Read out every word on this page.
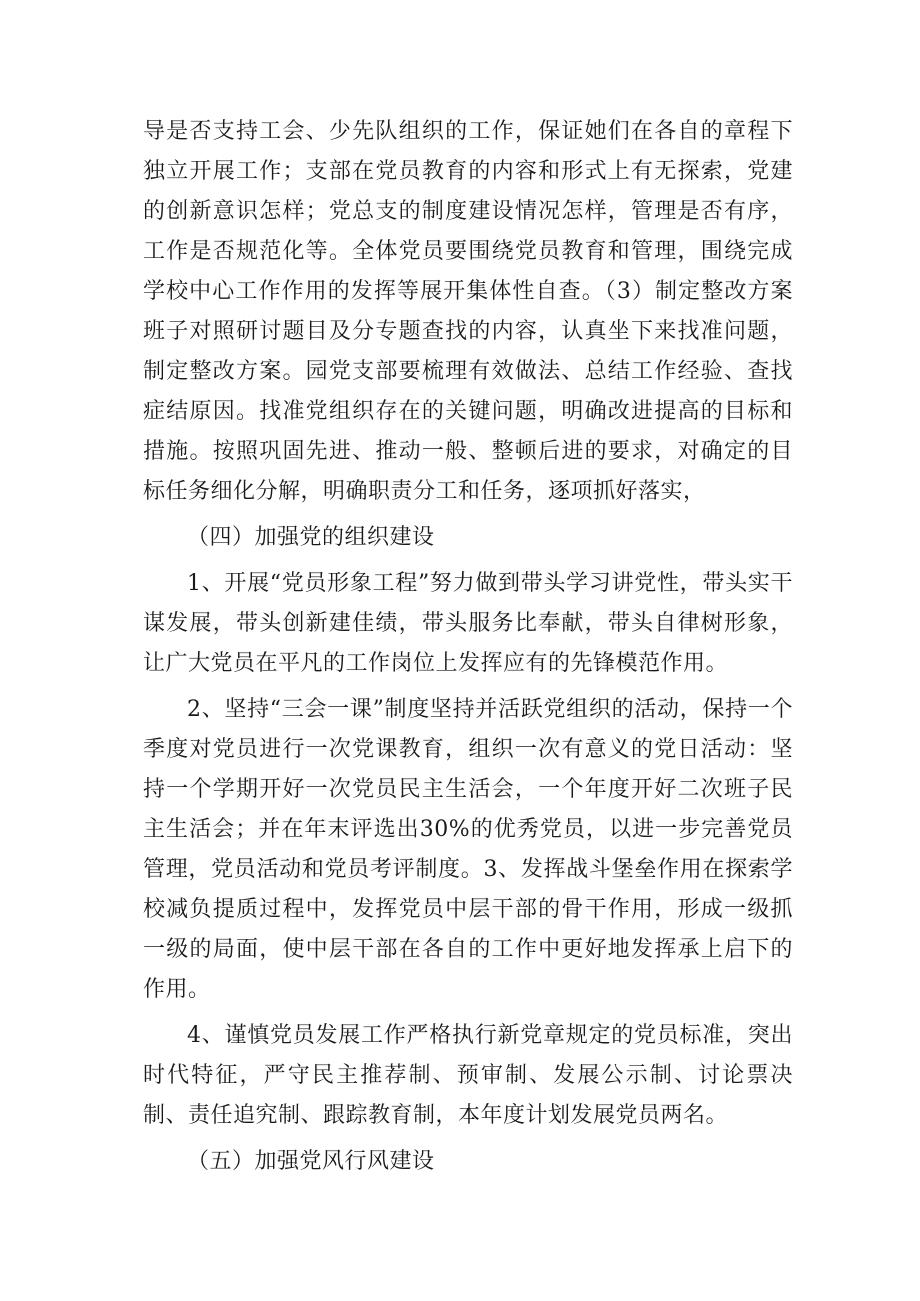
导是否支持工会、少先队组织的工作，保证她们在各自的章程下独立开展工作；支部在党员教育的内容和形式上有无探索，党建的创新意识怎样；党总支的制度建设情况怎样，管理是否有序，工作是否规范化等。全体党员要围绕党员教育和管理，围绕完成学校中心工作作用的发挥等展开集体性自查。（3）制定整改方案班子对照研讨题目及分专题查找的内容，认真坐下来找准问题，制定整改方案。园党支部要梳理有效做法、总结工作经验、查找症结原因。找准党组织存在的关键问题，明确改进提高的目标和措施。按照巩固先进、推动一般、整顿后进的要求，对确定的目标任务细化分解，明确职责分工和任务，逐项抓好落实，

（四）加强党的组织建设

1、开展“党员形象工程”努力做到带头学习讲党性，带头实干谋发展，带头创新建佳绩，带头服务比奉献，带头自律树形象，让广大党员在平凡的工作岗位上发挥应有的先锋模范作用。

2、坚持“三会一课”制度坚持并活跃党组织的活动，保持一个季度对党员进行一次党课教育，组织一次有意义的党日活动：坚持一个学期开好一次党员民主生活会，一个年度开好二次班子民主生活会；并在年末评选出30%的优秀党员，以进一步完善党员管理，党员活动和党员考评制度。3、发挥战斗堡垒作用在探索学校减负提质过程中，发挥党员中层干部的骨干作用，形成一级抓一级的局面，使中层干部在各自的工作中更好地发挥承上启下的作用。

4、谨慎党员发展工作严格执行新党章规定的党员标准，突出时代特征，严守民主推荐制、预审制、发展公示制、讨论票决制、责任追究制、跟踪教育制，本年度计划发展党员两名。

（五）加强党风行风建设
